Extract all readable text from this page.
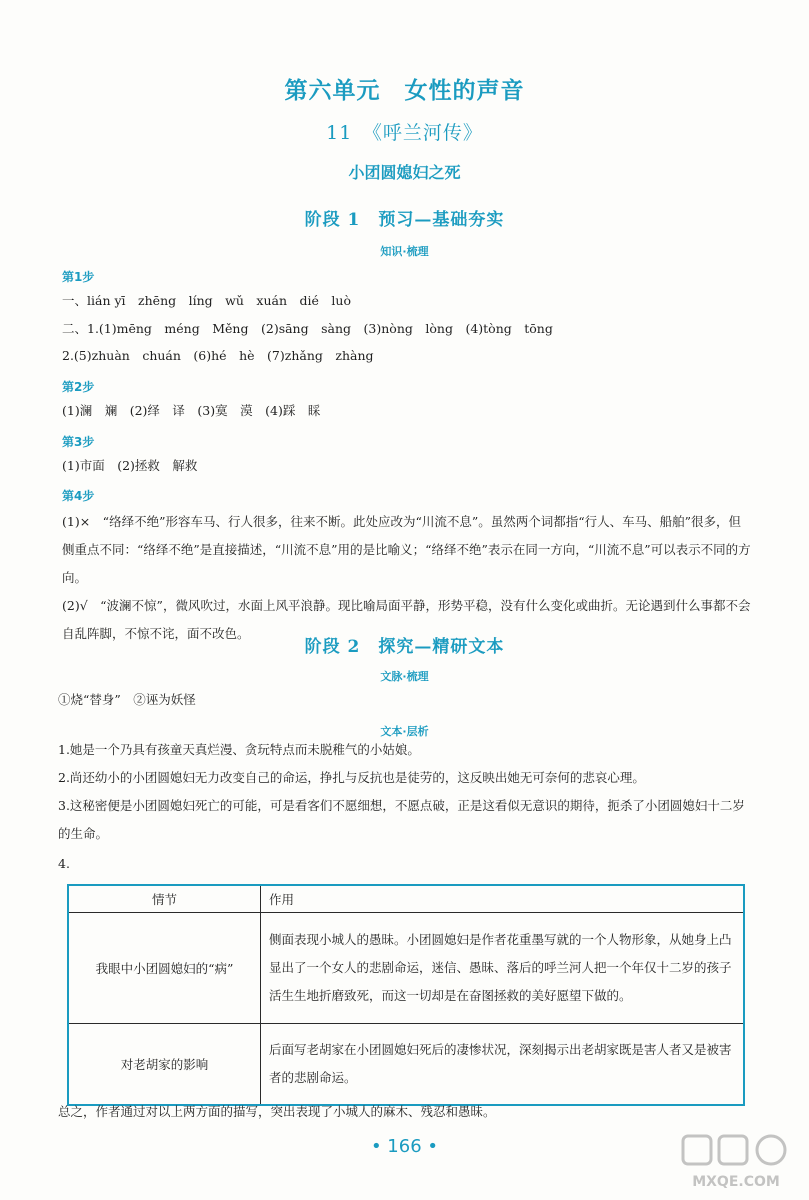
第六单元　女性的声音
11　《呼兰河传》
小团圆媳妇之死
阶段 1　预习—基础夯实
知识·梳理
第1步
一、lián yī　zhēng　líng　wǔ　xuán　dié　luò
二、1.(1)mēng　méng　Měng　(2)sāng　sàng　(3)nòng　lòng　(4)tòng　tōng
2.(5)zhuàn　chuán　(6)hé　hè　(7)zhǎng　zhàng
第2步
(1)澜　斓　(2)绎　译　(3)寞　漠　(4)踩　睬
第3步
(1)市面　(2)拯救　解救
第4步
(1)×　“络绎不绝”形容车马、行人很多，往来不断。此处应改为“川流不息”。虽然两个词都指“行人、车马、船舶”很多，但侧重点不同：“络绎不绝”是直接描述，“川流不息”用的是比喻义；“络绎不绝”表示在同一方向，“川流不息”可以表示不同的方向。
(2)√　“波澜不惊”，微风吹过，水面上风平浪静。现比喻局面平静，形势平稳，没有什么变化或曲折。无论遇到什么事都不会自乱阵脚，不惊不诧，面不改色。
阶段 2　探究—精研文本
文脉·梳理
①烧“替身”　②诬为妖怪
文本·层析
1.她是一个乃具有孩童天真烂漫、贪玩特点而未脱稚气的小姑娘。
2.尚还幼小的小团圆媳妇无力改变自己的命运，挣扎与反抗也是徒劳的，这反映出她无可奈何的悲哀心理。
3.这秘密便是小团圆媳妇死亡的可能，可是看客们不愿细想，不愿点破，正是这看似无意识的期待，扼杀了小团圆媳妇十二岁的生命。
4.
情节	作用
我眼中小团圆媳妇的“病”	侧面表现小城人的愚昧。小团圆媳妇是作者花重墨写就的一个人物形象，从她身上凸显出了一个女人的悲剧命运，迷信、愚昧、落后的呼兰河人把一个年仅十二岁的孩子活生生地折磨致死，而这一切却是在奋图拯救的美好愿望下做的。
对老胡家的影响	后面写老胡家在小团圆媳妇死后的凄惨状况，深刻揭示出老胡家既是害人者又是被害者的悲剧命运。
总之，作者通过对以上两方面的描写，突出表现了小城人的麻木、残忍和愚昧。
• 166 •
MXQE.COM
